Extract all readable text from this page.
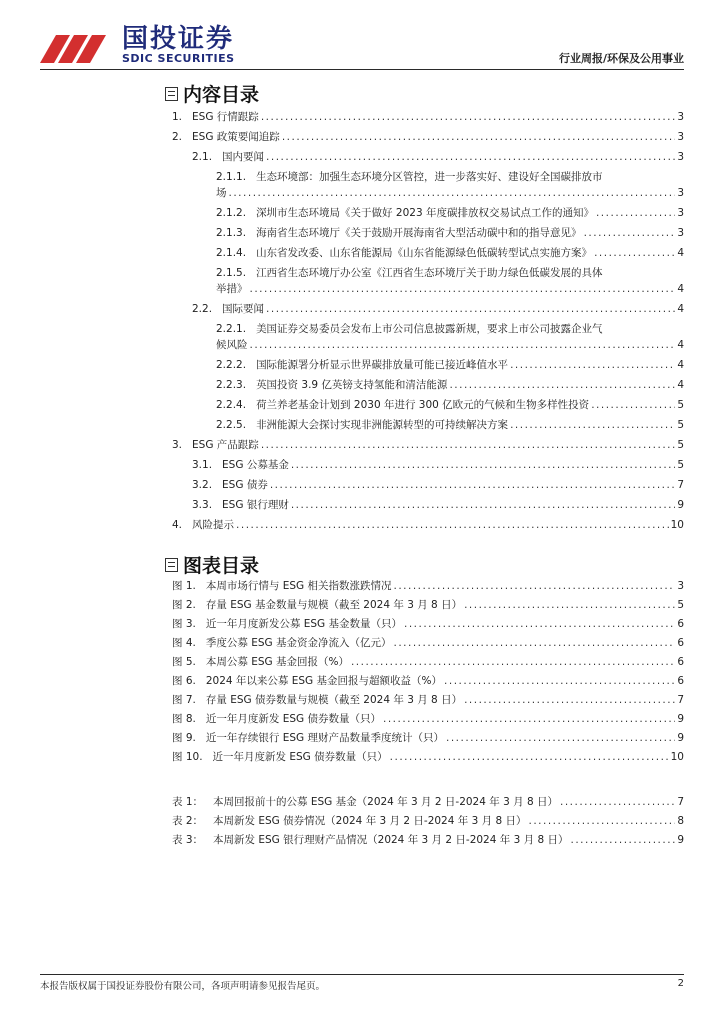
国投证券
SDIC SECURITIES	行业周报/环保及公用事业
内容目录
1. ESG 行情跟踪 .....	3
2. ESG 政策要闻追踪 .....	3
2.1. 国内要闻 .....	3
2.1.1. 生态环境部：加强生态环境分区管控，进一步落实好、建设好全国碳排放市
场 .....	3
2.1.2. 深圳市生态环境局《关于做好 2023 年度碳排放权交易试点工作的通知》 .....	3
2.1.3. 海南省生态环境厅《关于鼓励开展海南省大型活动碳中和的指导意见》 .....	3
2.1.4. 山东省发改委、山东省能源局《山东省能源绿色低碳转型试点实施方案》 .....	4
2.1.5. 江西省生态环境厅办公室《江西省生态环境厅关于助力绿色低碳发展的具体
举措》 .....	4
2.2. 国际要闻 .....	4
2.2.1. 美国证券交易委员会发布上市公司信息披露新规，要求上市公司披露企业气
候风险 .....	4
2.2.2. 国际能源署分析显示世界碳排放量可能已接近峰值水平 .....	4
2.2.3. 英国投资 3.9 亿英镑支持氢能和清洁能源 .....	4
2.2.4. 荷兰养老基金计划到 2030 年进行 300 亿欧元的气候和生物多样性投资 .....	5
2.2.5. 非洲能源大会探讨实现非洲能源转型的可持续解决方案 .....	5
3. ESG 产品跟踪 .....	5
3.1. ESG 公募基金 .....	5
3.2. ESG 债券 .....	7
3.3. ESG 银行理财 .....	9
4. 风险提示 .....	10
图表目录
图 1. 本周市场行情与 ESG 相关指数涨跌情况 .....	3
图 2. 存量 ESG 基金数量与规模（截至 2024 年 3 月 8 日） .....	5
图 3. 近一年月度新发公募 ESG 基金数量（只） .....	6
图 4. 季度公募 ESG 基金资金净流入（亿元） .....	6
图 5. 本周公募 ESG 基金回报（%） .....	6
图 6. 2024 年以来公募 ESG 基金回报与超额收益（%） .....	6
图 7. 存量 ESG 债券数量与规模（截至 2024 年 3 月 8 日） .....	7
图 8. 近一年月度新发 ESG 债券数量（只） .....	9
图 9. 近一年存续银行 ESG 理财产品数量季度统计（只） .....	9
图 10. 近一年月度新发 ESG 债券数量（只） .....	10
表 1： 本周回报前十的公募 ESG 基金（2024 年 3 月 2 日-2024 年 3 月 8 日） .....	7
表 2： 本周新发 ESG 债券情况（2024 年 3 月 2 日-2024 年 3 月 8 日） .....	8
表 3： 本周新发 ESG 银行理财产品情况（2024 年 3 月 2 日-2024 年 3 月 8 日） .....	9
本报告版权属于国投证券股份有限公司，各项声明请参见报告尾页。	2
